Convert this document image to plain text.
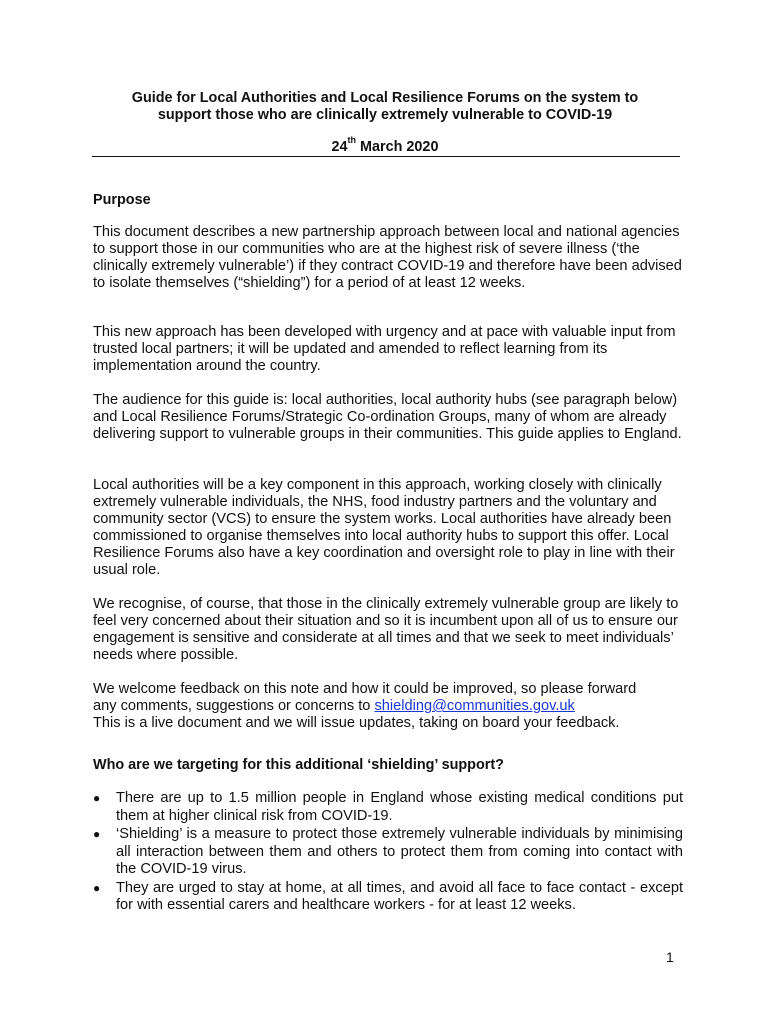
Guide for Local Authorities and Local Resilience Forums on the system to
support those who are clinically extremely vulnerable to COVID-19
24th March 2020
Purpose
This document describes a new partnership approach between local and national agencies to support those in our communities who are at the highest risk of severe illness (‘the clinically extremely vulnerable’) if they contract COVID-19 and therefore have been advised to isolate themselves (“shielding”) for a period of at least 12 weeks.
This new approach has been developed with urgency and at pace with valuable input from trusted local partners; it will be updated and amended to reflect learning from its implementation around the country.
The audience for this guide is: local authorities, local authority hubs (see paragraph below) and Local Resilience Forums/Strategic Co-ordination Groups, many of whom are already delivering support to vulnerable groups in their communities. This guide applies to England.
Local authorities will be a key component in this approach, working closely with clinically extremely vulnerable individuals, the NHS, food industry partners and the voluntary and community sector (VCS) to ensure the system works. Local authorities have already been commissioned to organise themselves into local authority hubs to support this offer. Local Resilience Forums also have a key coordination and oversight role to play in line with their usual role.
We recognise, of course, that those in the clinically extremely vulnerable group are likely to feel very concerned about their situation and so it is incumbent upon all of us to ensure our engagement is sensitive and considerate at all times and that we seek to meet individuals’ needs where possible.
We welcome feedback on this note and how it could be improved, so please forward
any comments, suggestions or concerns to shielding@communities.gov.uk
This is a live document and we will issue updates, taking on board your feedback.
Who are we targeting for this additional ‘shielding’ support?
● There are up to 1.5 million people in England whose existing medical conditions put them at higher clinical risk from COVID-19.
● ‘Shielding’ is a measure to protect those extremely vulnerable individuals by minimising all interaction between them and others to protect them from coming into contact with the COVID-19 virus.
● They are urged to stay at home, at all times, and avoid all face to face contact - except for with essential carers and healthcare workers - for at least 12 weeks.
1
